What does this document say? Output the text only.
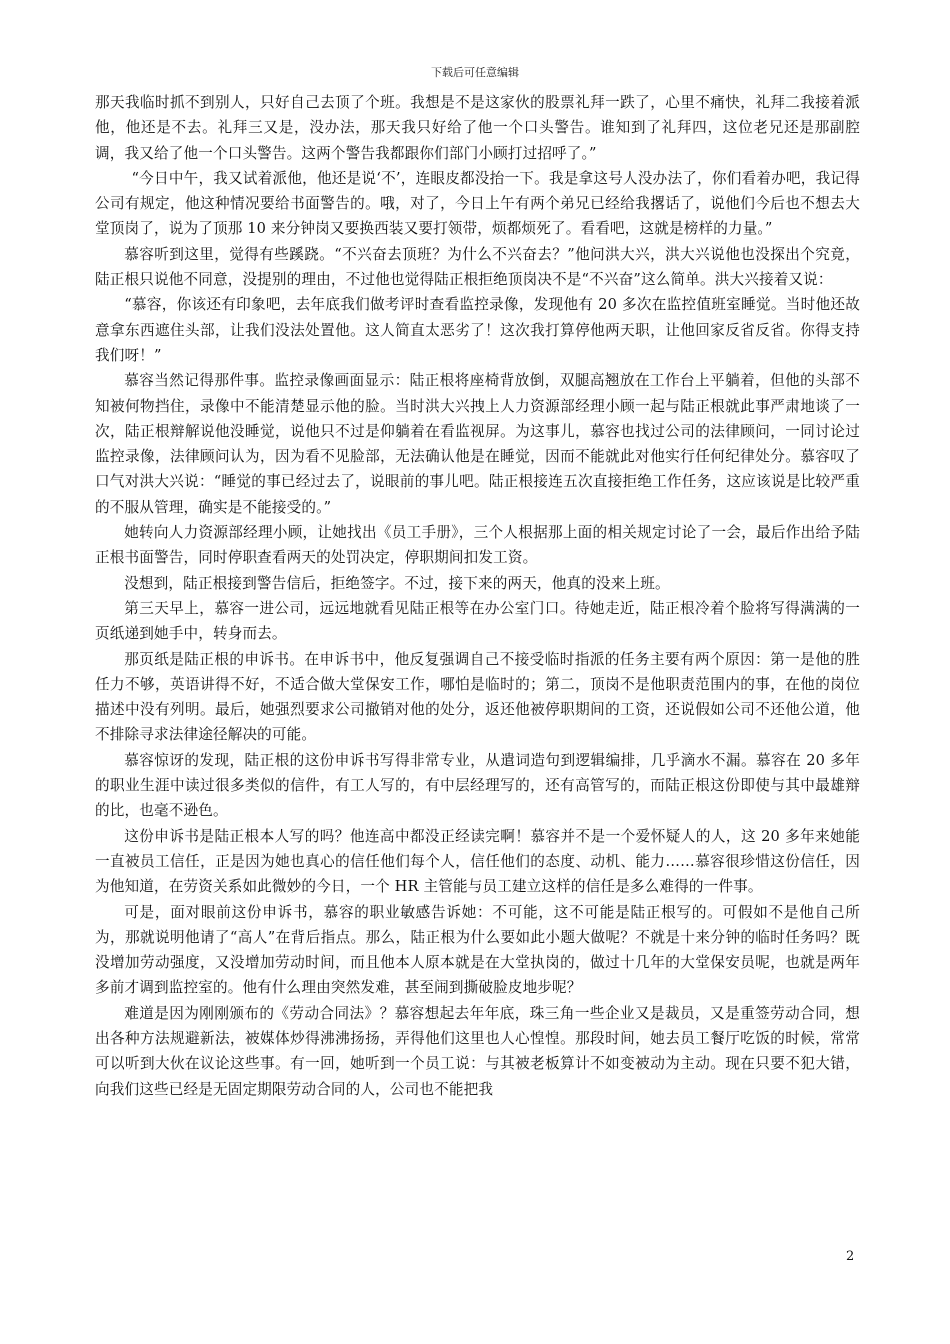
下载后可任意编辑

那天我临时抓不到别人，只好自己去顶了个班。我想是不是这家伙的股票礼拜一跌了，心里不痛快，礼拜二我接着派他，他还是不去。礼拜三又是，没办法，那天我只好给了他一个口头警告。谁知到了礼拜四，这位老兄还是那副腔调，我又给了他一个口头警告。这两个警告我都跟你们部门小顾打过招呼了。”

“今日中午，我又试着派他，他还是说‘不’，连眼皮都没抬一下。我是拿这号人没办法了，你们看着办吧，我记得公司有规定，他这种情况要给书面警告的。哦，对了，今日上午有两个弟兄已经给我撂话了，说他们今后也不想去大堂顶岗了，说为了顶那 10 来分钟岗又要换西装又要打领带，烦都烦死了。看看吧，这就是榜样的力量。”

慕容听到这里，觉得有些蹊跷。“不兴奋去顶班？为什么不兴奋去？”他问洪大兴，洪大兴说他也没探出个究竟，陆正根只说他不同意，没提别的理由，不过他也觉得陆正根拒绝顶岗决不是“不兴奋”这么简单。洪大兴接着又说：

“慕容，你该还有印象吧，去年底我们做考评时查看监控录像，发现他有 20 多次在监控值班室睡觉。当时他还故意拿东西遮住头部，让我们没法处置他。这人简直太恶劣了！这次我打算停他两天职，让他回家反省反省。你得支持我们呀！”

慕容当然记得那件事。监控录像画面显示：陆正根将座椅背放倒，双腿高翘放在工作台上平躺着，但他的头部不知被何物挡住，录像中不能清楚显示他的脸。当时洪大兴拽上人力资源部经理小顾一起与陆正根就此事严肃地谈了一次，陆正根辩解说他没睡觉，说他只不过是仰躺着在看监视屏。为这事儿，慕容也找过公司的法律顾问，一同讨论过监控录像，法律顾问认为，因为看不见脸部，无法确认他是在睡觉，因而不能就此对他实行任何纪律处分。慕容叹了口气对洪大兴说：“睡觉的事已经过去了，说眼前的事儿吧。陆正根接连五次直接拒绝工作任务，这应该说是比较严重的不服从管理，确实是不能接受的。”

她转向人力资源部经理小顾，让她找出《员工手册》，三个人根据那上面的相关规定讨论了一会，最后作出给予陆正根书面警告，同时停职查看两天的处罚决定，停职期间扣发工资。

没想到，陆正根接到警告信后，拒绝签字。不过，接下来的两天，他真的没来上班。

第三天早上，慕容一进公司，远远地就看见陆正根等在办公室门口。待她走近，陆正根冷着个脸将写得满满的一页纸递到她手中，转身而去。

那页纸是陆正根的申诉书。在申诉书中，他反复强调自己不接受临时指派的任务主要有两个原因：第一是他的胜任力不够，英语讲得不好，不适合做大堂保安工作，哪怕是临时的；第二，顶岗不是他职责范围内的事，在他的岗位描述中没有列明。最后，她强烈要求公司撤销对他的处分，返还他被停职期间的工资，还说假如公司不还他公道，他不排除寻求法律途径解决的可能。

慕容惊讶的发现，陆正根的这份申诉书写得非常专业，从遣词造句到逻辑编排，几乎滴水不漏。慕容在 20 多年的职业生涯中读过很多类似的信件，有工人写的，有中层经理写的，还有高管写的，而陆正根这份即使与其中最雄辩的比，也毫不逊色。

这份申诉书是陆正根本人写的吗？他连高中都没正经读完啊！慕容并不是一个爱怀疑人的人，这 20 多年来她能一直被员工信任，正是因为她也真心的信任他们每个人，信任他们的态度、动机、能力……慕容很珍惜这份信任，因为他知道，在劳资关系如此微妙的今日，一个 HR 主管能与员工建立这样的信任是多么难得的一件事。

可是，面对眼前这份申诉书，慕容的职业敏感告诉她：不可能，这不可能是陆正根写的。可假如不是他自己所为，那就说明他请了“高人”在背后指点。那么，陆正根为什么要如此小题大做呢？不就是十来分钟的临时任务吗？既没增加劳动强度，又没增加劳动时间，而且他本人原本就是在大堂执岗的，做过十几年的大堂保安员呢，也就是两年多前才调到监控室的。他有什么理由突然发难，甚至闹到撕破脸皮地步呢？

难道是因为刚刚颁布的《劳动合同法》？慕容想起去年年底，珠三角一些企业又是裁员，又是重签劳动合同，想出各种方法规避新法，被媒体炒得沸沸扬扬，弄得他们这里也人心惶惶。那段时间，她去员工餐厅吃饭的时候，常常可以听到大伙在议论这些事。有一回，她听到一个员工说：与其被老板算计不如变被动为主动。现在只要不犯大错，向我们这些已经是无固定期限劳动合同的人，公司也不能把我

2
